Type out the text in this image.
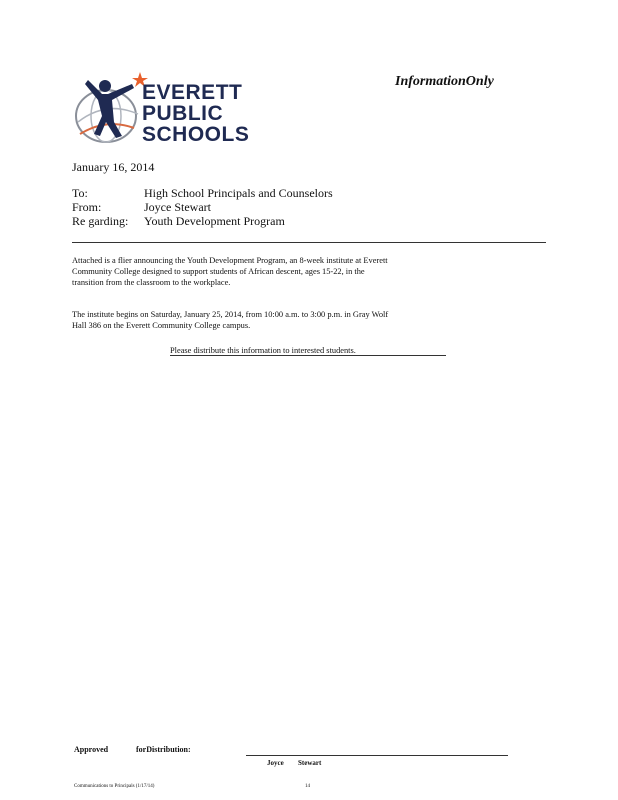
EVERETT
PUBLIC
SCHOOLS
InformationOnly
January 16, 2014
To:	High School Principals and Counselors
From:	Joyce Stewart
Re garding:	Youth Development Program
Attached is a flier announcing the Youth Development Program, an 8-week institute at Everett
Community College designed to support students of African descent, ages 15-22, in the
transition from the classroom to the workplace.
The institute begins on Saturday, January 25, 2014, from 10:00 a.m. to 3:00 p.m. in Gray Wolf
Hall 386 on the Everett Community College campus.
Please distribute this information to interested students.
Approved	forDistribution:
Joyce Stewart
Communications to Principals (1/17/14)	14
